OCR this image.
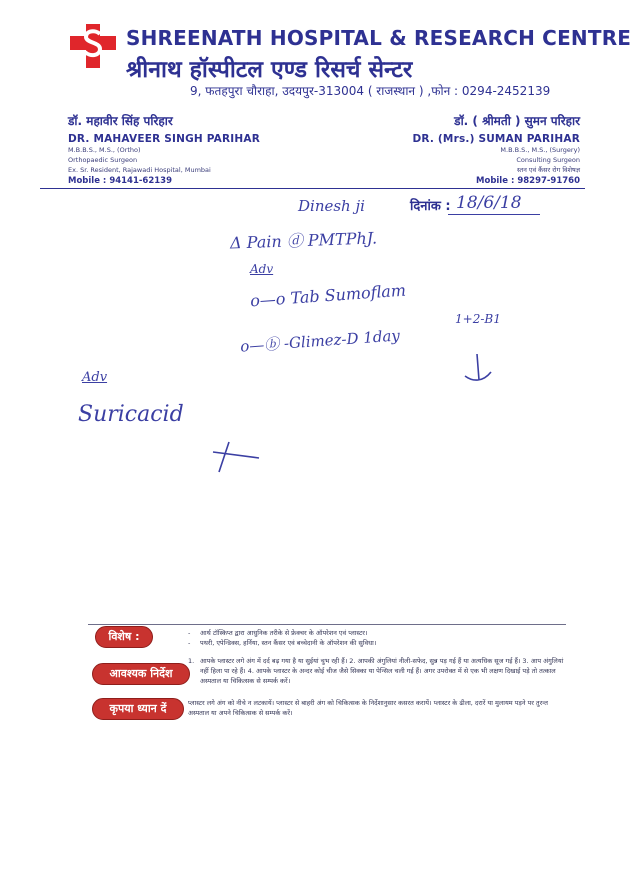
SHREENATH HOSPITAL & RESEARCH CENTRE
श्रीनाथ हॉस्पीटल एण्ड रिसर्च सेन्टर
9, फतहपुरा चौराहा, उदयपुर-313004 ( राजस्थान ) ,फोन : 0294-2452139
डॉ. महावीर सिंह परिहार
DR. MAHAVEER SINGH PARIHAR
M.B.B.S., M.S., (Ortho)
Orthopaedic Surgeon
Ex. Sr. Resident, Rajawadi Hospital, Mumbai
Mobile : 94141-62139
डॉ. ( श्रीमती ) सुमन परिहार
DR. (Mrs.) SUMAN PARIHAR
M.B.B.S., M.S., (Surgery)
Consulting Surgeon
स्तन एवं कैंसर रोग विशेषज्ञ
Mobile : 98297-91760
दिनांक : 18/6/18
Dinesh ji
Δ Pain ⓓ PMTPhJ.
Adv
o—o Tab Sumoflam
1+2-B1
o—ⓑ -Glimez-D 1day
Adv
Suricacid
विशेष :
आवश्यक निर्देश
कृपया ध्यान दें
-	आर्थ टॉस्किप्त द्वारा आधुनिक तरीके से फ्रेक्चर के ऑपरेशन एवं प्लास्टर।
-	पथरी, एपेन्डिक्स, हर्निया, स्तन कैंसर एवं बच्चेदानी के ऑपरेशन की सुविधा।
1. आपके प्लास्टर लगे अंग में दर्द बढ़ गया है या सुईयां चुभ रही हैं। 2. आपकी अंगुलियां नीली-सफेद, सुन्न पड़ गई हैं या अत्यधिक सूज गई हैं। 3. आप अंगुलियां नहीं हिला पा रहे हैं। 4. आपके प्लास्टर के अन्दर कोई चीज जैसे सिक्का या पेन्सिल चली गई हैं। अगर उपरोक्त में से एक भी लक्षण दिखाई पड़े तो तत्काल अस्पताल या चिकित्सक से सम्पर्क करें।
प्लास्टर लगे अंग को नीचे न लटकायें। प्लास्टर से बाहरी अंग को चिकित्सक के निर्देशानुसार कसरत करायें। प्लास्टर के ढीला, दरारें या मुलायम पड़ने पर तुरन्त अस्पताल या अपने चिकित्सक से सम्पर्क करें।
